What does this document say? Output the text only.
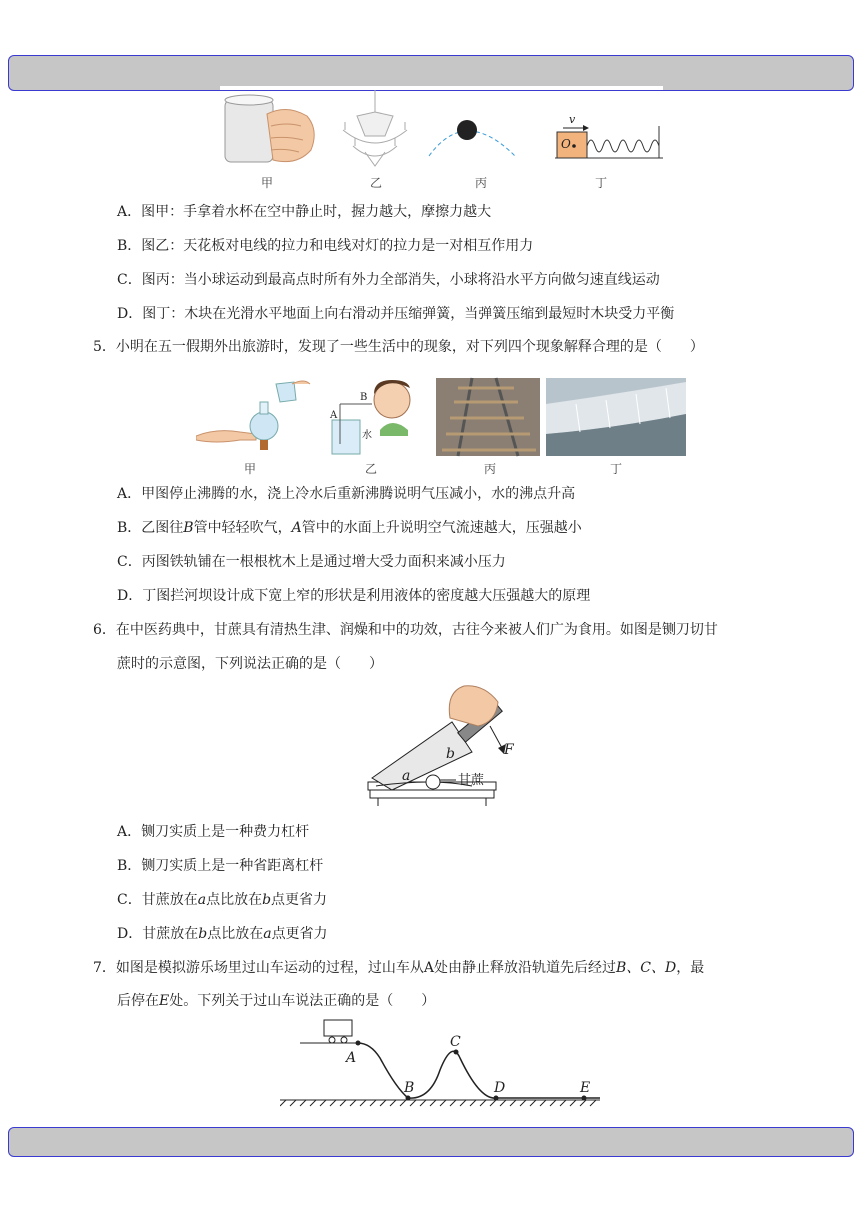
O
v
甲	乙	丙	丁
A．图甲：手拿着水杯在空中静止时，握力越大，摩擦力越大
B．图乙：天花板对电线的拉力和电线对灯的拉力是一对相互作用力
C．图丙：当小球运动到最高点时所有外力全部消失，小球将沿水平方向做匀速直线运动
D．图丁：木块在光滑水平地面上向右滑动并压缩弹簧，当弹簧压缩到最短时木块受力平衡
5．小明在五一假期外出旅游时，发现了一些生活中的现象，对下列四个现象解释合理的是（　　）
B
A
水
甲	乙	丙	丁
A．甲图停止沸腾的水，浇上冷水后重新沸腾说明气压减小，水的沸点升高
B．乙图往B管中轻轻吹气，A管中的水面上升说明空气流速越大，压强越小
C．丙图铁轨铺在一根根枕木上是通过增大受力面积来减小压力
D．丁图拦河坝设计成下宽上窄的形状是利用液体的密度越大压强越大的原理
6．在中医药典中，甘蔗具有清热生津、润燥和中的功效，古往今来被人们广为食用。如图是铡刀切甘
蔗时的示意图，下列说法正确的是（　　）
F
a
b
甘蔗
A．铡刀实质上是一种费力杠杆
B．铡刀实质上是一种省距离杠杆
C．甘蔗放在a点比放在b点更省力
D．甘蔗放在b点比放在a点更省力
7．如图是模拟游乐场里过山车运动的过程，过山车从A处由静止释放沿轨道先后经过B、C、D，最
后停在E处。下列关于过山车说法正确的是（　　）
A
B
C
D	E
